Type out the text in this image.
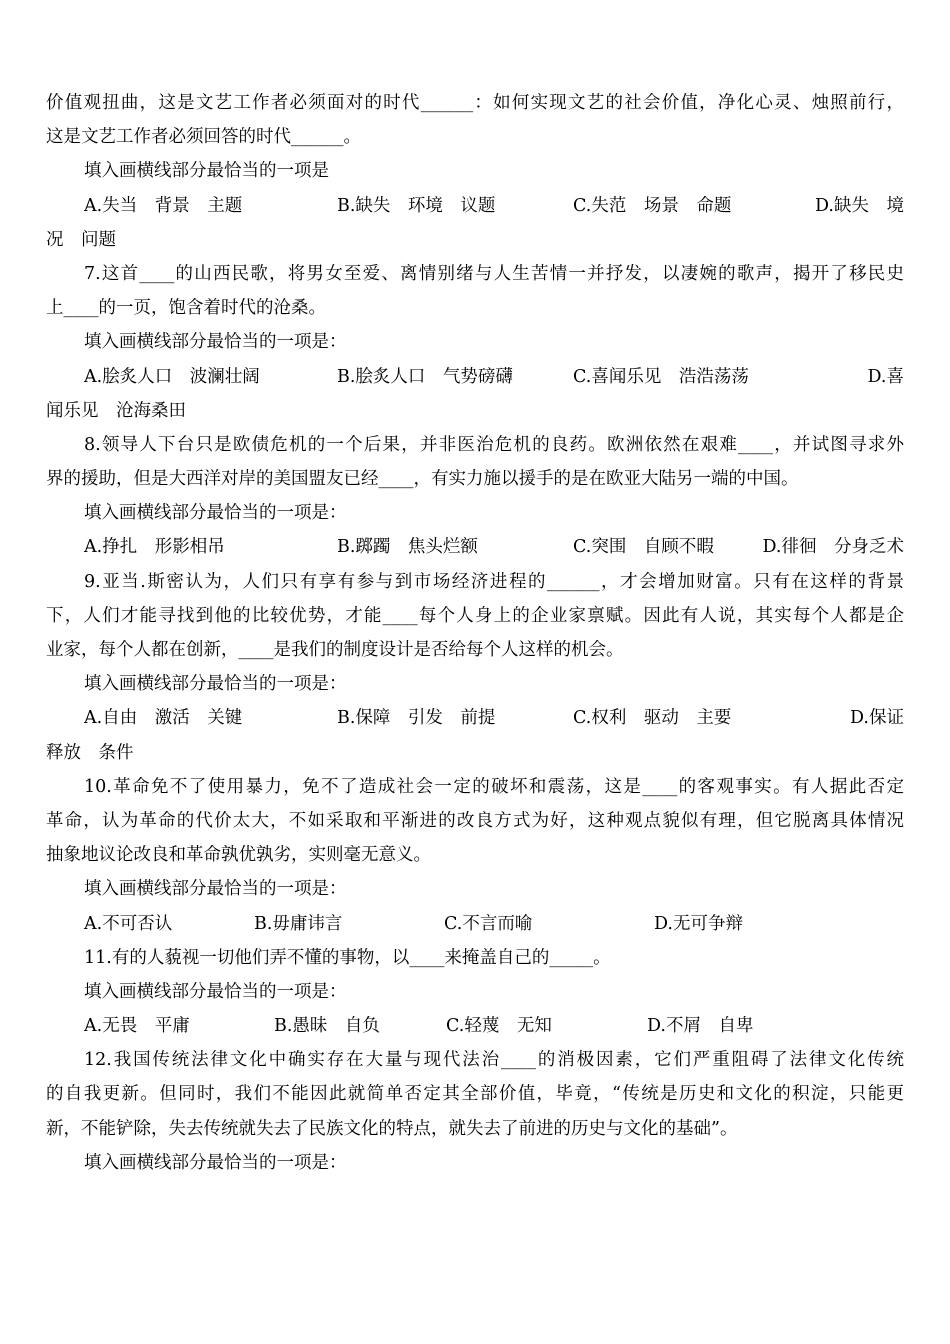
价值观扭曲，这是文艺工作者必须面对的时代______：如何实现文艺的社会价值，净化心灵、烛照前行，
这是文艺工作者必须回答的时代______。
填入画横线部分最恰当的一项是
A.失当　背景　主题	B.缺失　环境　议题	C.失范　场景　命题	D.缺失　境
况　问题
7.这首____的山西民歌，将男女至爱、离情别绪与人生苦情一并抒发，以凄婉的歌声，揭开了移民史
上____的一页，饱含着时代的沧桑。
填入画横线部分最恰当的一项是：
A.脍炙人口　波澜壮阔	B.脍炙人口　气势磅礴	C.喜闻乐见　浩浩荡荡	D.喜
闻乐见　沧海桑田
8.领导人下台只是欧债危机的一个后果，并非医治危机的良药。欧洲依然在艰难____，并试图寻求外
界的援助，但是大西洋对岸的美国盟友已经____，有实力施以援手的是在欧亚大陆另一端的中国。
填入画横线部分最恰当的一项是：
A.挣扎　形影相吊	B.踯躅　焦头烂额	C.突围　自顾不暇	D.徘徊　分身乏术
9.亚当.斯密认为，人们只有享有参与到市场经济进程的______，才会增加财富。只有在这样的背景
下，人们才能寻找到他的比较优势，才能____每个人身上的企业家禀赋。因此有人说，其实每个人都是企
业家，每个人都在创新，____是我们的制度设计是否给每个人这样的机会。
填入画横线部分最恰当的一项是：
A.自由　激活　关键	B.保障　引发　前提	C.权利　驱动　主要	D.保证
释放　条件
10.革命免不了使用暴力，免不了造成社会一定的破坏和震荡，这是____的客观事实。有人据此否定
革命，认为革命的代价太大，不如采取和平渐进的改良方式为好，这种观点貌似有理，但它脱离具体情况
抽象地议论改良和革命孰优孰劣，实则毫无意义。
填入画横线部分最恰当的一项是：
A.不可否认	B.毋庸讳言	C.不言而喻	D.无可争辩
11.有的人藐视一切他们弄不懂的事物，以____来掩盖自己的_____。
填入画横线部分最恰当的一项是：
A.无畏　平庸	B.愚昧　自负	C.轻蔑　无知	D.不屑　自卑
12.我国传统法律文化中确实存在大量与现代法治____的消极因素，它们严重阻碍了法律文化传统
的自我更新。但同时，我们不能因此就简单否定其全部价值，毕竟，“传统是历史和文化的积淀，只能更
新，不能铲除，失去传统就失去了民族文化的特点，就失去了前进的历史与文化的基础”。
填入画横线部分最恰当的一项是：
